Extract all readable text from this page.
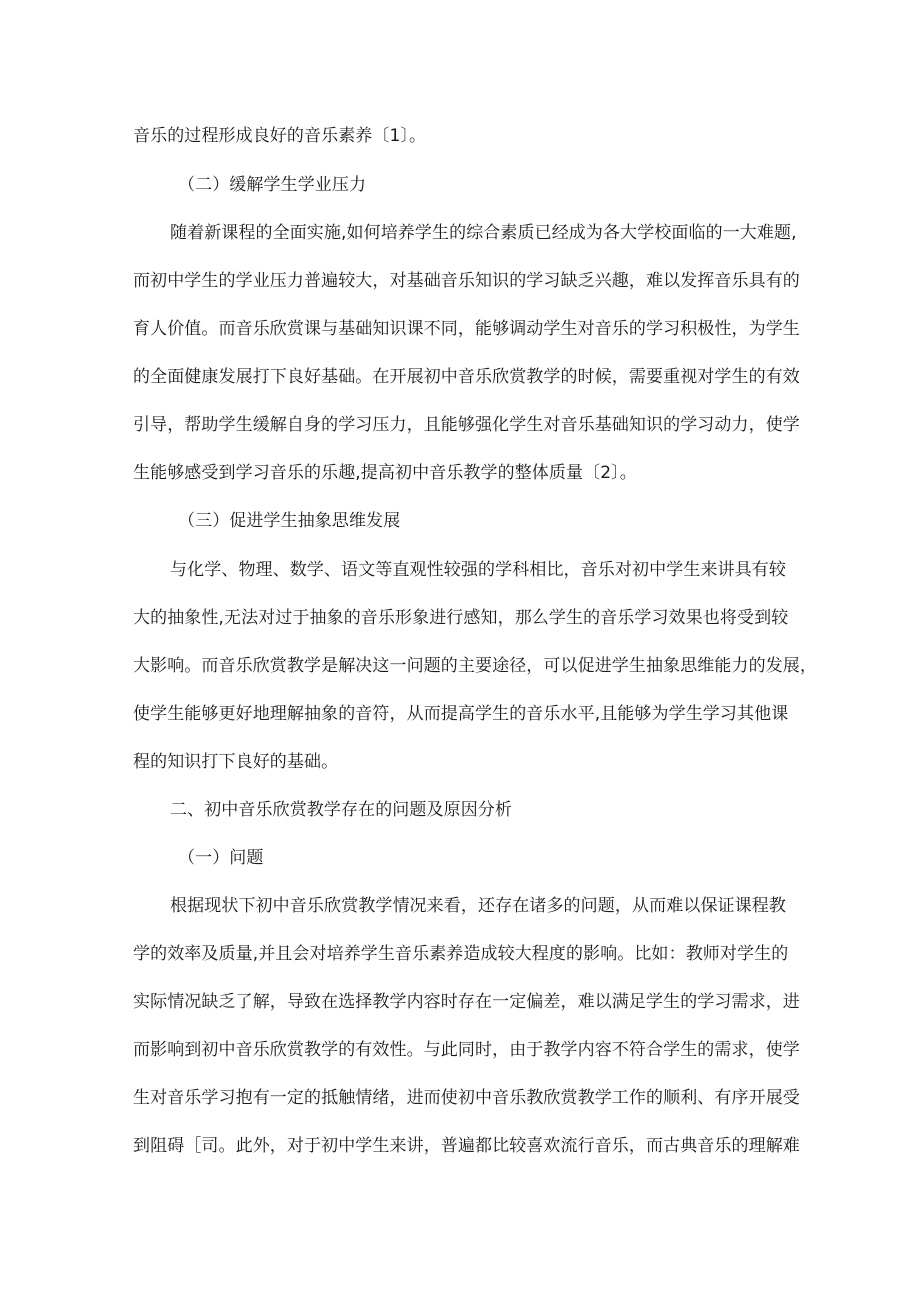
音乐的过程形成良好的音乐素养〔1〕。
（二）缓解学生学业压力
随着新课程的全面实施,如何培养学生的综合素质已经成为各大学校面临的一大难题,
而初中学生的学业压力普遍较大，对基础音乐知识的学习缺乏兴趣，难以发挥音乐具有的
育人价值。而音乐欣赏课与基础知识课不同，能够调动学生对音乐的学习积极性，为学生
的全面健康发展打下良好基础。在开展初中音乐欣赏教学的时候，需要重视对学生的有效
引导，帮助学生缓解自身的学习压力，且能够强化学生对音乐基础知识的学习动力，使学
生能够感受到学习音乐的乐趣,提高初中音乐教学的整体质量〔2〕。
（三）促进学生抽象思维发展
与化学、物理、数学、语文等直观性较强的学科相比，音乐对初中学生来讲具有较
大的抽象性,无法对过于抽象的音乐形象进行感知，那么学生的音乐学习效果也将受到较
大影响。而音乐欣赏教学是解决这一问题的主要途径，可以促进学生抽象思维能力的发展，
使学生能够更好地理解抽象的音符，从而提高学生的音乐水平,且能够为学生学习其他课
程的知识打下良好的基础。
二、初中音乐欣赏教学存在的问题及原因分析
（一）问题
根据现状下初中音乐欣赏教学情况来看，还存在诸多的问题，从而难以保证课程教
学的效率及质量,并且会对培养学生音乐素养造成较大程度的影响。比如：教师对学生的
实际情况缺乏了解，导致在选择教学内容时存在一定偏差，难以满足学生的学习需求，进
而影响到初中音乐欣赏教学的有效性。与此同时，由于教学内容不符合学生的需求，使学
生对音乐学习抱有一定的抵触情绪，进而使初中音乐教欣赏教学工作的顺利、有序开展受
到阻碍［司。此外，对于初中学生来讲，普遍都比较喜欢流行音乐，而古典音乐的理解难
